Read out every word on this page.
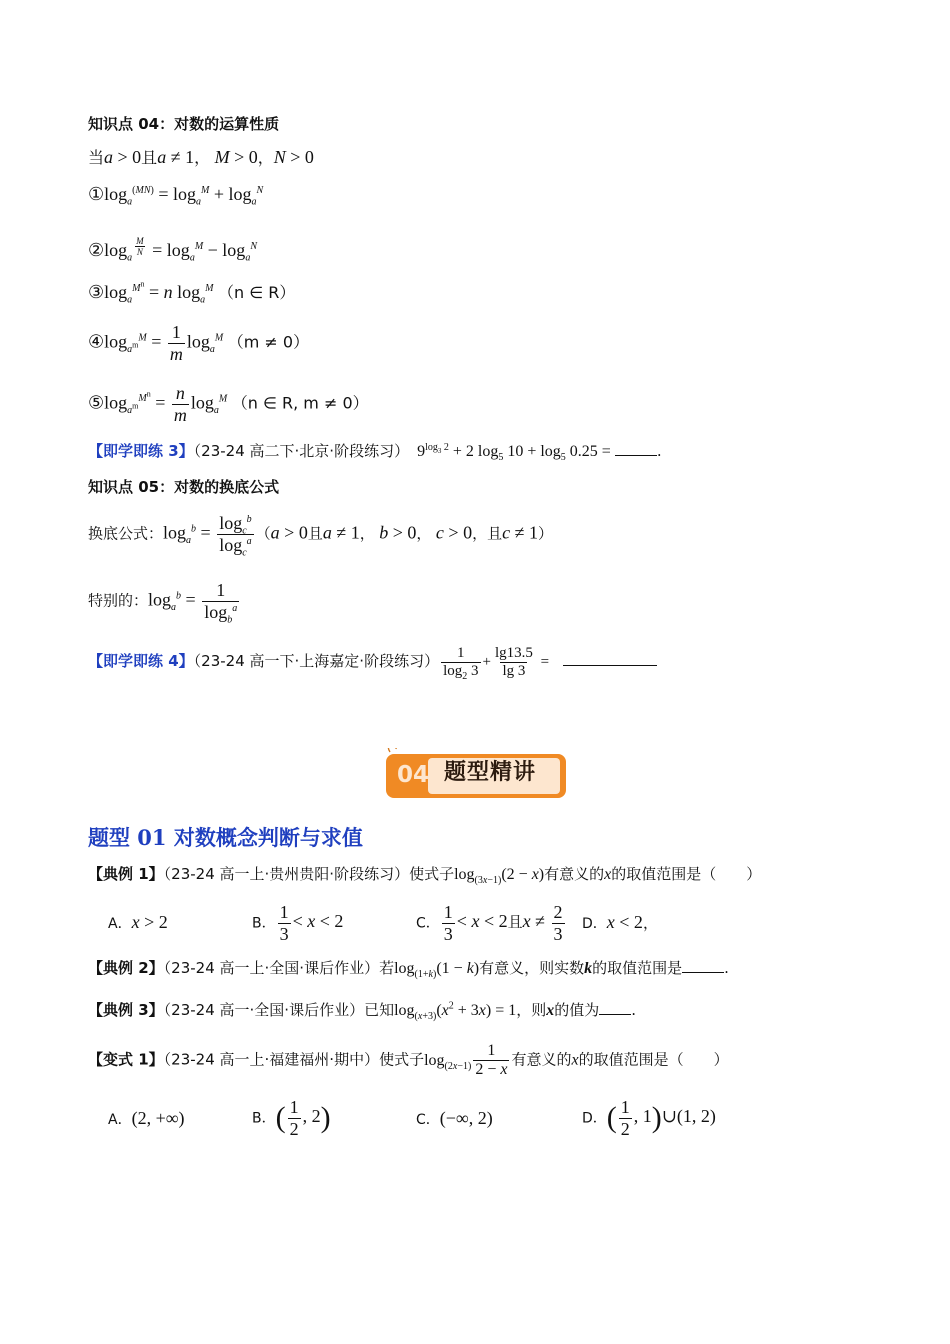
知识点 04：对数的运算性质
当a > 0且a ≠ 1， M > 0，N > 0
$①\log_a^{(MN)} = \log_a^M + \log_a^N$
$②\log_a$
$^{\frac{M}{N}} = \log_a^M - \log_a^N$
$③\log_a^{M^n} = n$ $\log_a^M (n$ ∈ R）
$④\log_{a^m}^M = \frac{1}{m} \log_a^M (m \ne 0)$
$⑤\log_{a^m}^{M^n} = \frac{n}{m} \log_a^M (n$ ∈ R, m ≠ 0）
【即学即练 3】（23-24 高二下·北京·阶段练习） $9^{log_3 2} + 2$ $\log_5 10 + \log_5 0.25$ =	.
知识点 05：对数的换底公式
换底公式：$\log_a^b = \frac{\log_c^b}{\log_c^a} (a > 0$且a ≠ 1， b > 0， c > 0，且c ≠ 1）
特别的：$\log_a^b = \frac{1}{\log_b^a}$
【即学即练 4】（23-24 高一下·上海嘉定·阶段练习） $\frac{1}{\log_2 3} + \frac{\lg 13.5}{\lg 3}$ =
04 题型精讲
题型 01 对数概念判断与求值
【典例 1】（23-24 高一上·贵州贵阳·阶段练习）使式子$\log_{(3x-1)}(2 - x)$有意义的x的取值范围是（　　）
A．x > 2	B． $\frac{1}{3} < x < 2$	C． $\frac{1}{3} < x < 2$且$x \ne \frac{2}{3}$ D．x < 2，
【典例 2】（23-24 高一上·全国·课后作业）若$\log_{(1+k)}(1 - k)$有意义，则实数k的取值范围是	.
【典例 3】（23-24 高一·全国·课后作业）已知$\log_{(x+3)}(x^2 + 3x) = 1$，则x的值为 .
【变式 1】（23-24 高一上·福建福州·期中）使式子$\log_{(2x-1)} \frac{1}{2 - x}$ 有意义的x的取值范围是（　　）
A．(2, +∞)	B．( $\frac{1}{2}$ , 2)	C．(−∞, 2)	D．( $\frac{1}{2}$ , 1)∪(1, 2)
